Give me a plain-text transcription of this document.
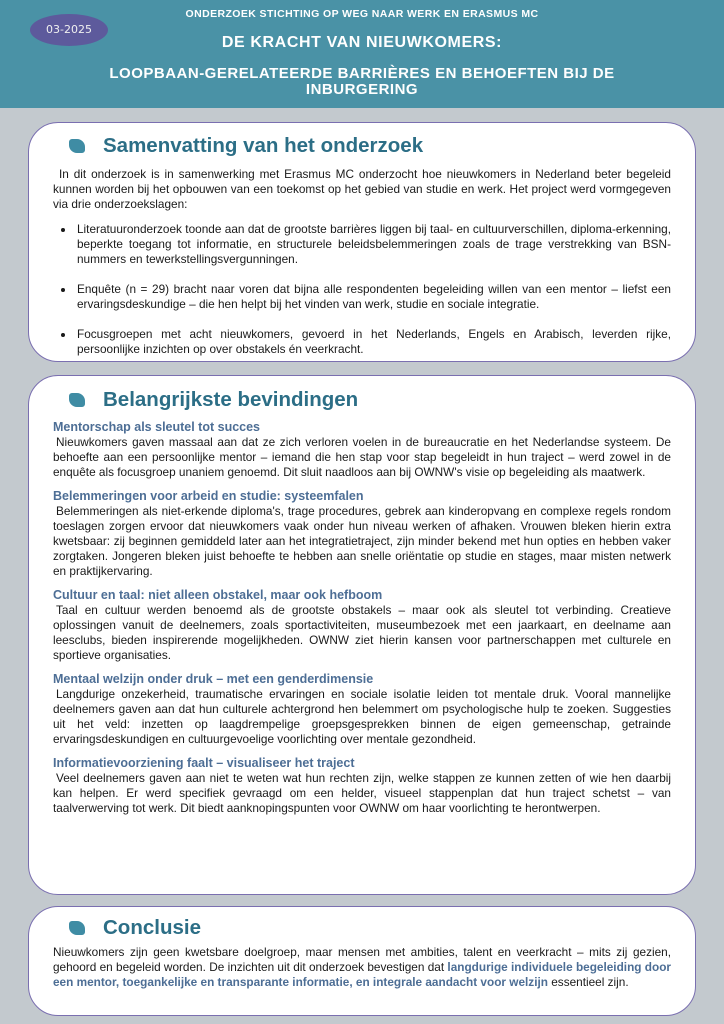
03-2025
ONDERZOEK STICHTING OP WEG NAAR WERK EN ERASMUS MC
DE KRACHT VAN NIEUWKOMERS:
LOOPBAAN-GERELATEERDE BARRIÈRES EN BEHOEFTEN BIJ DE INBURGERING
Samenvatting van het onderzoek

In dit onderzoek is in samenwerking met Erasmus MC onderzocht hoe nieuwkomers in Nederland beter begeleid kunnen worden bij het opbouwen van een toekomst op het gebied van studie en werk. Het project werd vormgegeven via drie onderzoekslagen:

• Literatuuronderzoek toonde aan dat de grootste barrières liggen bij taal- en cultuurverschillen, diploma-erkenning, beperkte toegang tot informatie, en structurele beleidsbelemmeringen zoals de trage verstrekking van BSN-nummers en tewerkstellingsvergunningen.
• Enquête (n = 29) bracht naar voren dat bijna alle respondenten begeleiding willen van een mentor – liefst een ervaringsdeskundige – die hen helpt bij het vinden van werk, studie en sociale integratie.
• Focusgroepen met acht nieuwkomers, gevoerd in het Nederlands, Engels en Arabisch, leverden rijke, persoonlijke inzichten op over obstakels én veerkracht.
Belangrijkste bevindingen
Mentorschap als sleutel tot succes

Nieuwkomers gaven massaal aan dat ze zich verloren voelen in de bureaucratie en het Nederlandse systeem. De behoefte aan een persoonlijke mentor – iemand die hen stap voor stap begeleidt in hun traject – werd zowel in de enquête als focusgroep unaniem genoemd. Dit sluit naadloos aan bij OWNW's visie op begeleiding als maatwerk.

Belemmeringen voor arbeid en studie: systeemfalen

Belemmeringen als niet-erkende diploma's, trage procedures, gebrek aan kinderopvang en complexe regels rondom toeslagen zorgen ervoor dat nieuwkomers vaak onder hun niveau werken of afhaken. Vrouwen bleken hierin extra kwetsbaar: zij beginnen gemiddeld later aan het integratietraject, zijn minder bekend met hun opties en hebben vaker zorgtaken. Jongeren bleken juist behoefte te hebben aan snelle oriëntatie op studie en stages, maar misten netwerk en praktijkervaring.

Cultuur en taal: niet alleen obstakel, maar ook hefboom

Taal en cultuur werden benoemd als de grootste obstakels – maar ook als sleutel tot verbinding. Creatieve oplossingen vanuit de deelnemers, zoals sportactiviteiten, museumbezoek met een jaarkaart, en deelname aan leesclubs, bieden inspirerende mogelijkheden. OWNW ziet hierin kansen voor partnerschappen met culturele en sportieve organisaties.

Mentaal welzijn onder druk – met een genderdimensie

Langdurige onzekerheid, traumatische ervaringen en sociale isolatie leiden tot mentale druk. Vooral mannelijke deelnemers gaven aan dat hun culturele achtergrond hen belemmert om psychologische hulp te zoeken. Suggesties uit het veld: inzetten op laagdrempelige groepsgesprekken binnen de eigen gemeenschap, getrainde ervaringsdeskundigen en cultuurgevoelige voorlichting over mentale gezondheid.

Informatievoorziening faalt – visualiseer het traject

Veel deelnemers gaven aan niet te weten wat hun rechten zijn, welke stappen ze kunnen zetten of wie hen daarbij kan helpen. Er werd specifiek gevraagd om een helder, visueel stappenplan dat hun traject schetst – van taalverwerving tot werk. Dit biedt aanknopingspunten voor OWNW om haar voorlichting te herontwerpen.

Conclusie

Nieuwkomers zijn geen kwetsbare doelgroep, maar mensen met ambities, talent en veerkracht – mits zij gezien, gehoord en begeleid worden. De inzichten uit dit onderzoek bevestigen dat langdurige individuele begeleiding door een mentor, toegankelijke en transparante informatie, en integrale aandacht voor welzijn essentieel zijn.
